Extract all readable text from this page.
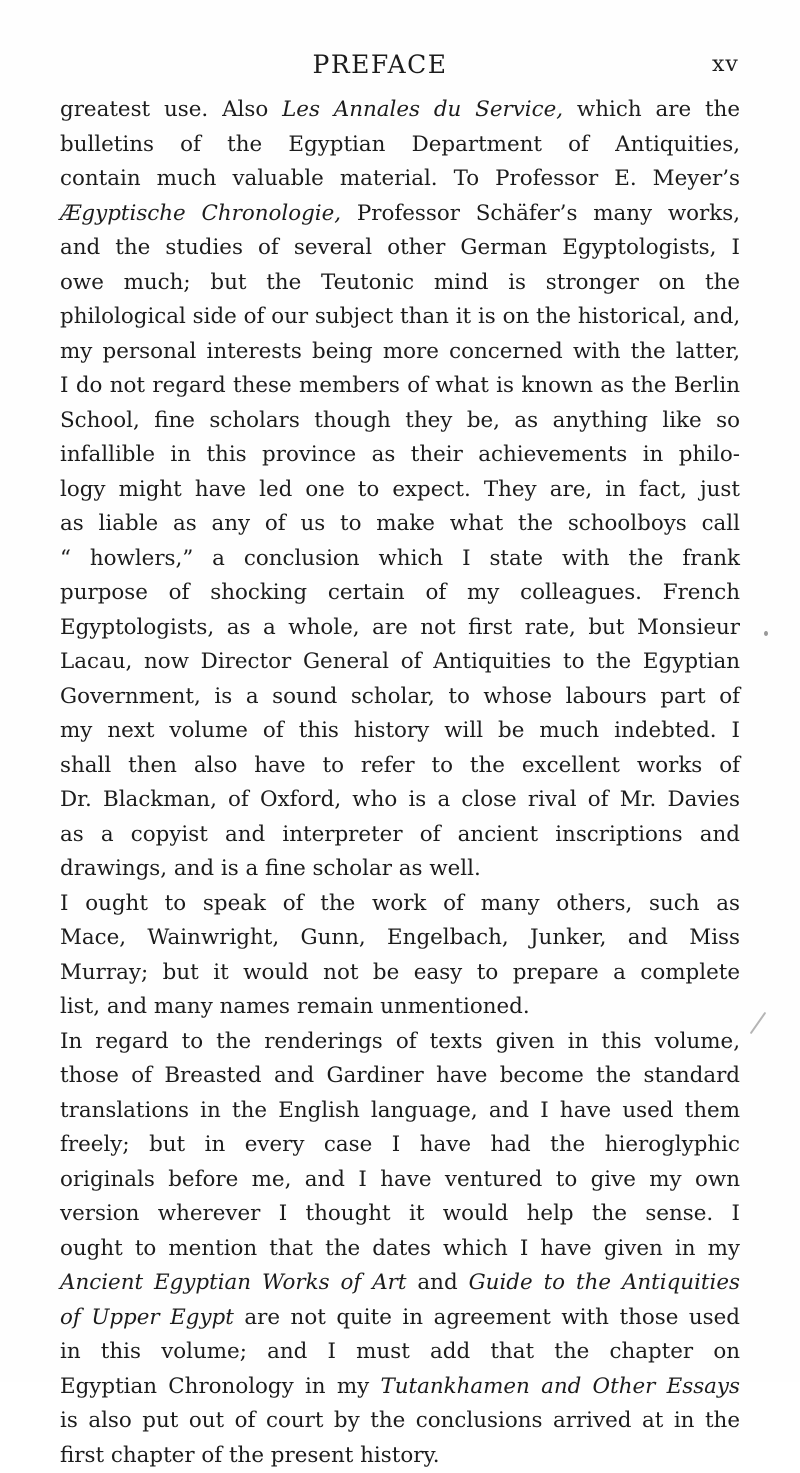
PREFACE	xv
greatest use. Also Les Annales du Service, which are the
bulletins of the Egyptian Department of Antiquities,
contain much valuable material. To Professor E. Meyer’s
Ægyptische Chronologie, Professor Schäfer’s many works,
and the studies of several other German Egyptologists, I
owe much; but the Teutonic mind is stronger on the
philological side of our subject than it is on the historical, and,
my personal interests being more concerned with the latter,
I do not regard these members of what is known as the Berlin
School, fine scholars though they be, as anything like so
infallible in this province as their achievements in philo-
logy might have led one to expect. They are, in fact, just
as liable as any of us to make what the schoolboys call
“ howlers,” a conclusion which I state with the frank
purpose of shocking certain of my colleagues. French
Egyptologists, as a whole, are not first rate, but Monsieur
Lacau, now Director General of Antiquities to the Egyptian
Government, is a sound scholar, to whose labours part of
my next volume of this history will be much indebted. I
shall then also have to refer to the excellent works of
Dr. Blackman, of Oxford, who is a close rival of Mr. Davies
as a copyist and interpreter of ancient inscriptions and
drawings, and is a fine scholar as well.
I ought to speak of the work of many others, such as
Mace, Wainwright, Gunn, Engelbach, Junker, and Miss
Murray; but it would not be easy to prepare a complete
list, and many names remain unmentioned.
In regard to the renderings of texts given in this volume,
those of Breasted and Gardiner have become the standard
translations in the English language, and I have used them
freely; but in every case I have had the hieroglyphic
originals before me, and I have ventured to give my own
version wherever I thought it would help the sense. I
ought to mention that the dates which I have given in my
Ancient Egyptian Works of Art and Guide to the Antiquities
of Upper Egypt are not quite in agreement with those used
in this volume; and I must add that the chapter on
Egyptian Chronology in my Tutankhamen and Other Essays
is also put out of court by the conclusions arrived at in the
first chapter of the present history.
